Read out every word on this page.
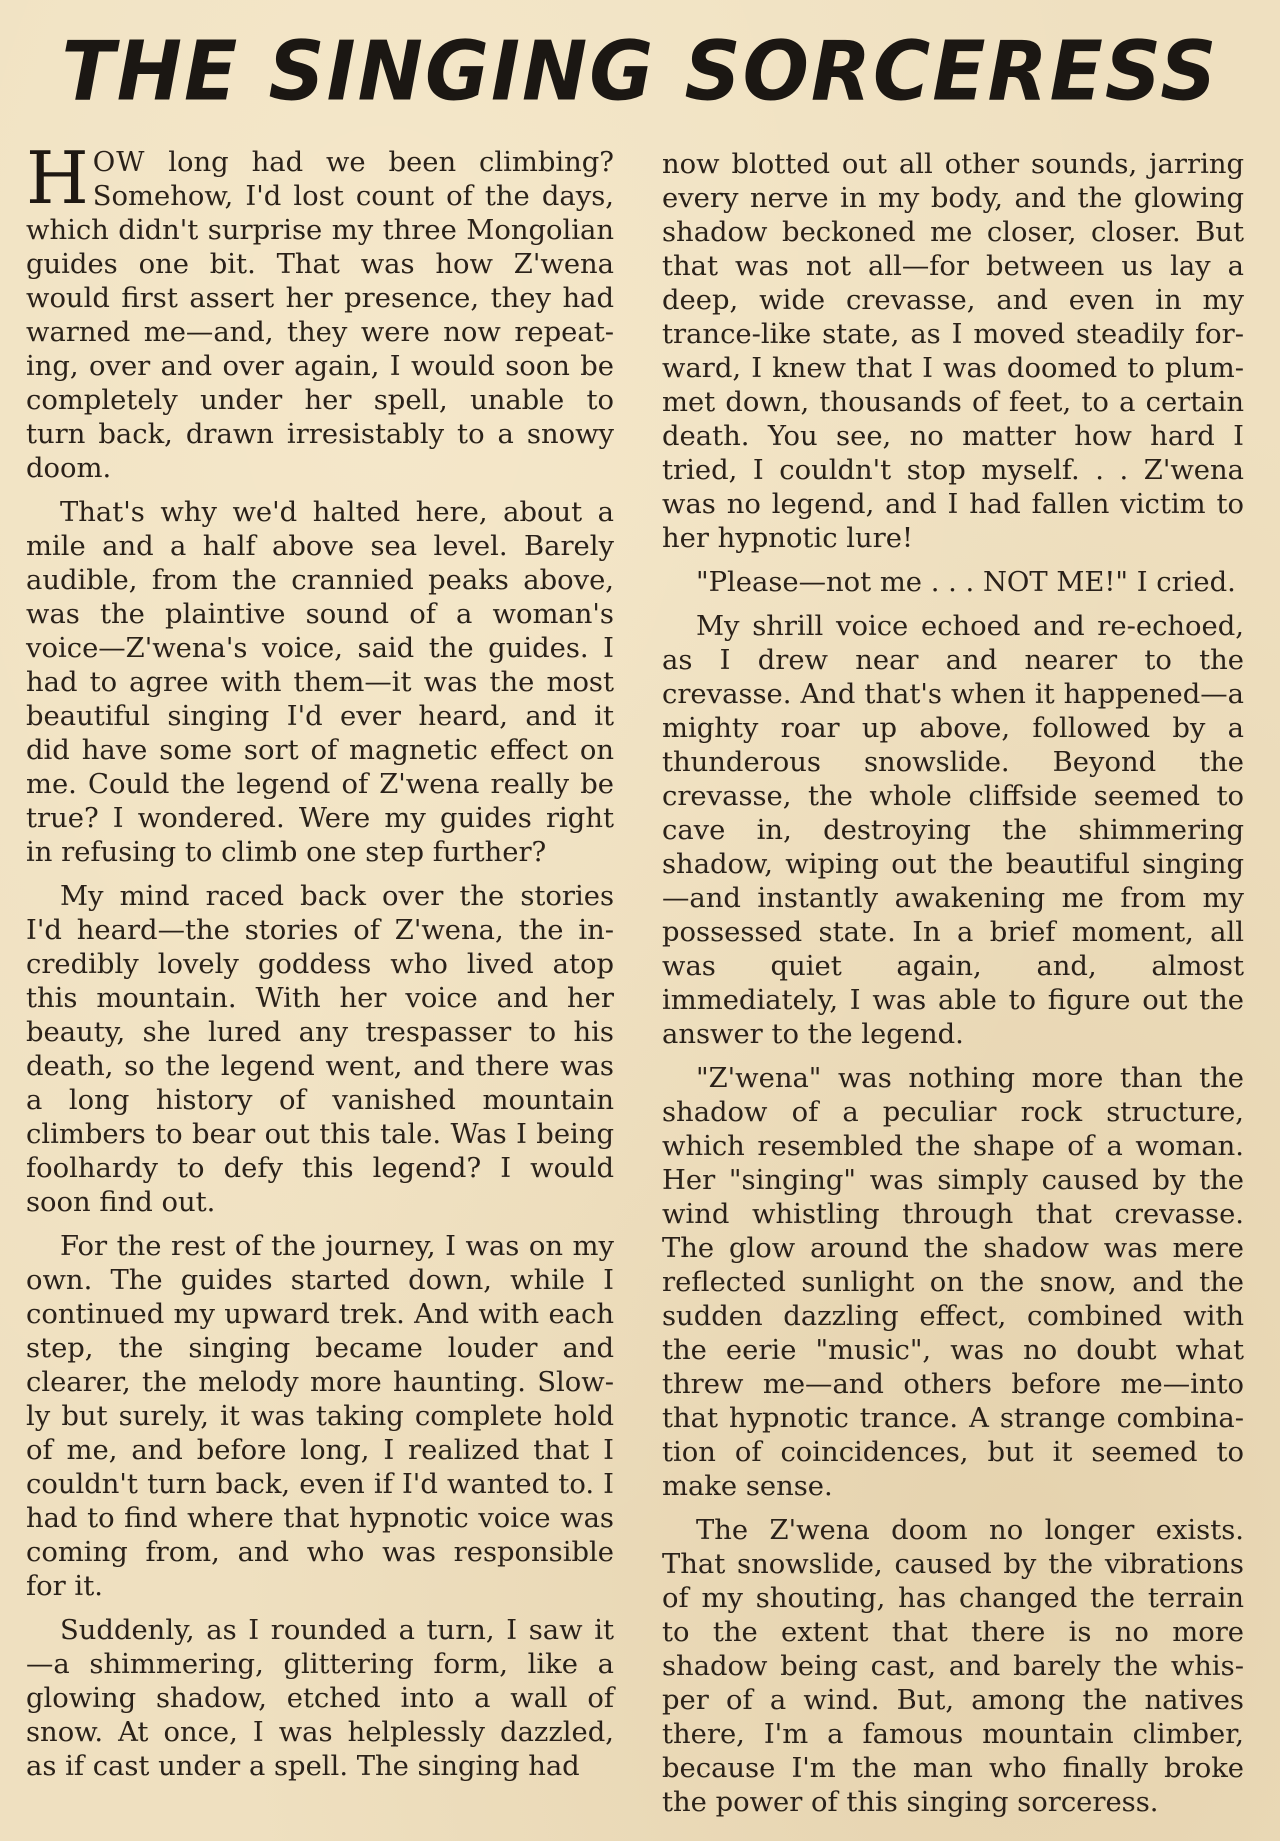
THE SINGING SORCERESS

HOW long had we been climbing? Somehow, I'd lost count of the days, which didn't surprise my three Mongolian guides one bit. That was how Z'wena would first assert her presence, they had warned me—and, they were now repeating, over and over again, I would soon be completely under her spell, unable to turn back, drawn irresistably to a snowy doom.

That's why we'd halted here, about a mile and a half above sea level. Barely audible, from the crannied peaks above, was the plaintive sound of a woman's voice—Z'wena's voice, said the guides. I had to agree with them—it was the most beautiful singing I'd ever heard, and it did have some sort of magnetic effect on me. Could the legend of Z'wena really be true? I wondered. Were my guides right in refusing to climb one step further?

My mind raced back over the stories I'd heard—the stories of Z'wena, the incredibly lovely goddess who lived atop this mountain. With her voice and her beauty, she lured any trespasser to his death, so the legend went, and there was a long history of vanished mountain climbers to bear out this tale. Was I being foolhardy to defy this legend? I would soon find out.

For the rest of the journey, I was on my own. The guides started down, while I continued my upward trek. And with each step, the singing became louder and clearer, the melody more haunting. Slowly but surely, it was taking complete hold of me, and before long, I realized that I couldn't turn back, even if I'd wanted to. I had to find where that hypnotic voice was coming from, and who was responsible for it.

Suddenly, as I rounded a turn, I saw it—a shimmering, glittering form, like a glowing shadow, etched into a wall of snow. At once, I was helplessly dazzled, as if cast under a spell. The singing had

now blotted out all other sounds, jarring every nerve in my body, and the glowing shadow beckoned me closer, closer. But that was not all—for between us lay a deep, wide crevasse, and even in my trance-like state, as I moved steadily forward, I knew that I was doomed to plummet down, thousands of feet, to a certain death. You see, no matter how hard I tried, I couldn't stop myself. . . Z'wena was no legend, and I had fallen victim to her hypnotic lure!

"Please—not me . . . NOT ME!" I cried.

My shrill voice echoed and re-echoed, as I drew near and nearer to the crevasse. And that's when it happened—a mighty roar up above, followed by a thunderous snowslide. Beyond the crevasse, the whole cliffside seemed to cave in, destroying the shimmering shadow, wiping out the beautiful singing—and instantly awakening me from my possessed state. In a brief moment, all was quiet again, and, almost immediately, I was able to figure out the answer to the legend.

"Z'wena" was nothing more than the shadow of a peculiar rock structure, which resembled the shape of a woman. Her "singing" was simply caused by the wind whistling through that crevasse. The glow around the shadow was mere reflected sunlight on the snow, and the sudden dazzling effect, combined with the eerie "music", was no doubt what threw me—and others before me—into that hypnotic trance. A strange combination of coincidences, but it seemed to make sense.

The Z'wena doom no longer exists. That snowslide, caused by the vibrations of my shouting, has changed the terrain to the extent that there is no more shadow being cast, and barely the whisper of a wind. But, among the natives there, I'm a famous mountain climber, because I'm the man who finally broke the power of this singing sorceress.
